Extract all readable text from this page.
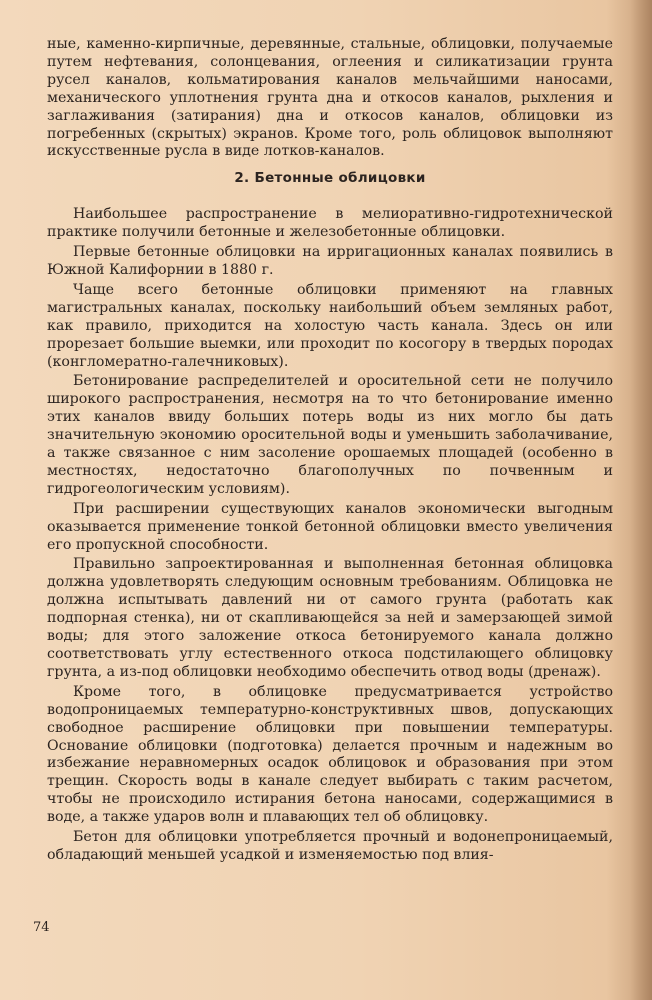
ные, каменно-кирпичные, деревянные, стальные, облицовки, получаемые путем нефтевания, солонцевания, оглеения и силикатизации грунта русел каналов, кольматирования каналов мельчайшими наносами, механического уплотнения грунта дна и откосов каналов, рыхления и заглаживания (затирания) дна и откосов каналов, облицовки из погребенных (скрытых) экранов. Кроме того, роль облицовок выполняют искусственные русла в виде лотков-каналов.

2. Бетонные облицовки

Наибольшее распространение в мелиоративно-гидротехнической практике получили бетонные и железобетонные облицовки.

Первые бетонные облицовки на ирригационных каналах появились в Южной Калифорнии в 1880 г.

Чаще всего бетонные облицовки применяют на главных магистральных каналах, поскольку наибольший объем земляных работ, как правило, приходится на холостую часть канала. Здесь он или прорезает большие выемки, или проходит по косогору в твердых породах (конгломератно-галечниковых).

Бетонирование распределителей и оросительной сети не получило широкого распространения, несмотря на то что бетонирование именно этих каналов ввиду больших потерь воды из них могло бы дать значительную экономию оросительной воды и уменьшить заболачивание, а также связанное с ним засоление орошаемых площадей (особенно в местностях, недостаточно благополучных по почвенным и гидрогеологическим условиям).

При расширении существующих каналов экономически выгодным оказывается применение тонкой бетонной облицовки вместо увеличения его пропускной способности.

Правильно запроектированная и выполненная бетонная облицовка должна удовлетворять следующим основным требованиям. Облицовка не должна испытывать давлений ни от самого грунта (работать как подпорная стенка), ни от скапливающейся за ней и замерзающей зимой воды; для этого заложение откоса бетонируемого канала должно соответствовать углу естественного откоса подстилающего облицовку грунта, а из-под облицовки необходимо обеспечить отвод воды (дренаж).

Кроме того, в облицовке предусматривается устройство водопроницаемых температурно-конструктивных швов, допускающих свободное расширение облицовки при повышении температуры. Основание облицовки (подготовка) делается прочным и надежным во избежание неравномерных осадок облицовок и образования при этом трещин. Скорость воды в канале следует выбирать с таким расчетом, чтобы не происходило истирания бетона наносами, содержащимися в воде, а также ударов волн и плавающих тел об облицовку.

Бетон для облицовки употребляется прочный и водонепроницаемый, обладающий меньшей усадкой и изменяемостью под влия-

74
